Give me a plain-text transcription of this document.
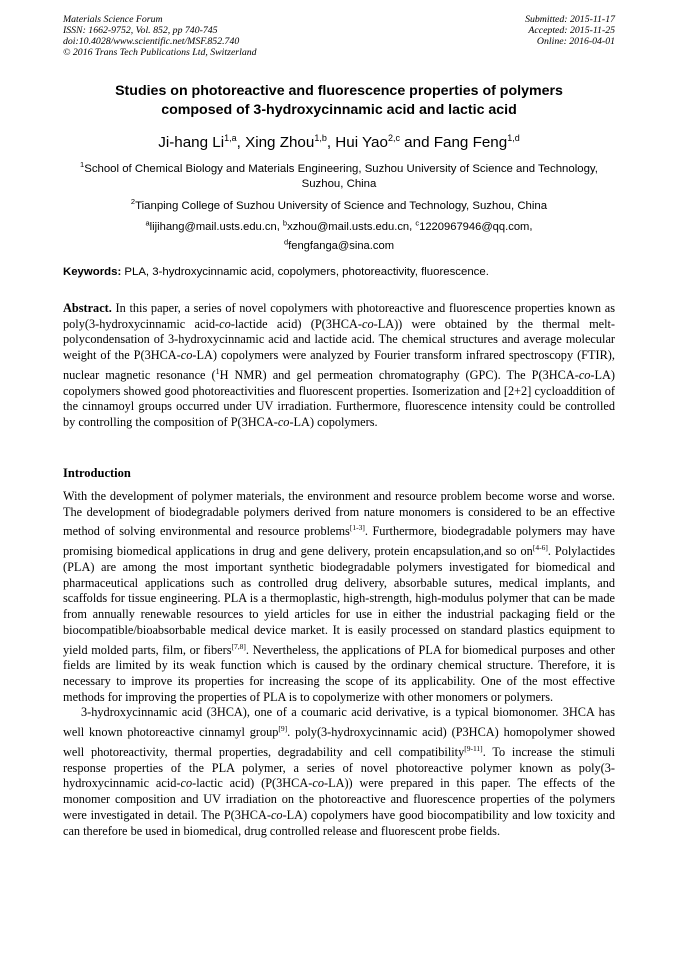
Materials Science Forum
ISSN: 1662-9752, Vol. 852, pp 740-745
doi:10.4028/www.scientific.net/MSF.852.740
© 2016 Trans Tech Publications Ltd, Switzerland
Submitted: 2015-11-17
Accepted: 2015-11-25
Online: 2016-04-01
Studies on photoreactive and fluorescence properties of polymers
composed of 3-hydroxycinnamic acid and lactic acid
Ji-hang Li$^{1,a}$, Xing Zhou$^{1,b}$, Hui Yao$^{2,c}$ and Fang Feng$^{1,d}$
$^1$School of Chemical Biology and Materials Engineering, Suzhou University of Science and Technology, Suzhou, China
$^2$Tianping College of Suzhou University of Science and Technology, Suzhou, China
$^a$lijihang@mail.usts.edu.cn, $^b$xzhou@mail.usts.edu.cn, $^c$1220967946@qq.com,
$^d$fengfanga@sina.com
Keywords: PLA, 3-hydroxycinnamic acid, copolymers, photoreactivity, fluorescence.
Abstract. In this paper, a series of novel copolymers with photoreactive and fluorescence properties known as poly(3-hydroxycinnamic acid-co-lactide acid) (P(3HCA-co-LA)) were obtained by the thermal melt-polycondensation of 3-hydroxycinnamic acid and lactide acid. The chemical structures and average molecular weight of the P(3HCA-co-LA) copolymers were analyzed by Fourier transform infrared spectroscopy (FTIR), nuclear magnetic resonance ($^1$H NMR) and gel permeation chromatography (GPC). The P(3HCA-co-LA) copolymers showed good photoreactivities and fluorescent properties. Isomerization and [2+2] cycloaddition of the cinnamoyl groups occurred under UV irradiation. Furthermore, fluorescence intensity could be controlled by controlling the composition of P(3HCA-co-LA) copolymers.
Introduction

With the development of polymer materials, the environment and resource problem become worse and worse. The development of biodegradable polymers derived from nature monomers is considered to be an effective method of solving environmental and resource problems[1-3]. Furthermore, biodegradable polymers may have promising biomedical applications in drug and gene delivery, protein encapsulation,and so on[4-6]. Polylactides (PLA) are among the most important synthetic biodegradable polymers investigated for biomedical and pharmaceutical applications such as controlled drug delivery, absorbable sutures, medical implants, and scaffolds for tissue engineering. PLA is a thermoplastic, high-strength, high-modulus polymer that can be made from annually renewable resources to yield articles for use in either the industrial packaging field or the biocompatible/bioabsorbable medical device market. It is easily processed on standard plastics equipment to yield molded parts, film, or fibers[7,8]. Nevertheless, the applications of PLA for biomedical purposes and other fields are limited by its weak function which is caused by the ordinary chemical structure. Therefore, it is necessary to improve its properties for increasing the scope of its applicability. One of the most effective methods for improving the properties of PLA is to copolymerize with other monomers or polymers.

3-hydroxycinnamic acid (3HCA), one of a coumaric acid derivative, is a typical biomonomer. 3HCA has well known photoreactive cinnamyl group[9]. poly(3-hydroxycinnamic acid) (P3HCA) homopolymer showed well photoreactivity, thermal properties, degradability and cell compatibility[9-11]. To increase the stimuli response properties of the PLA polymer, a series of novel photoreactive polymer known as poly(3-hydroxycinnamic acid-co-lactic acid) (P(3HCA-co-LA)) were prepared in this paper. The effects of the monomer composition and UV irradiation on the photoreactive and fluorescence properties of the polymers were investigated in detail. The P(3HCA-co-LA) copolymers have good biocompatibility and low toxicity and can therefore be used in biomedical, drug controlled release and fluorescent probe fields.
